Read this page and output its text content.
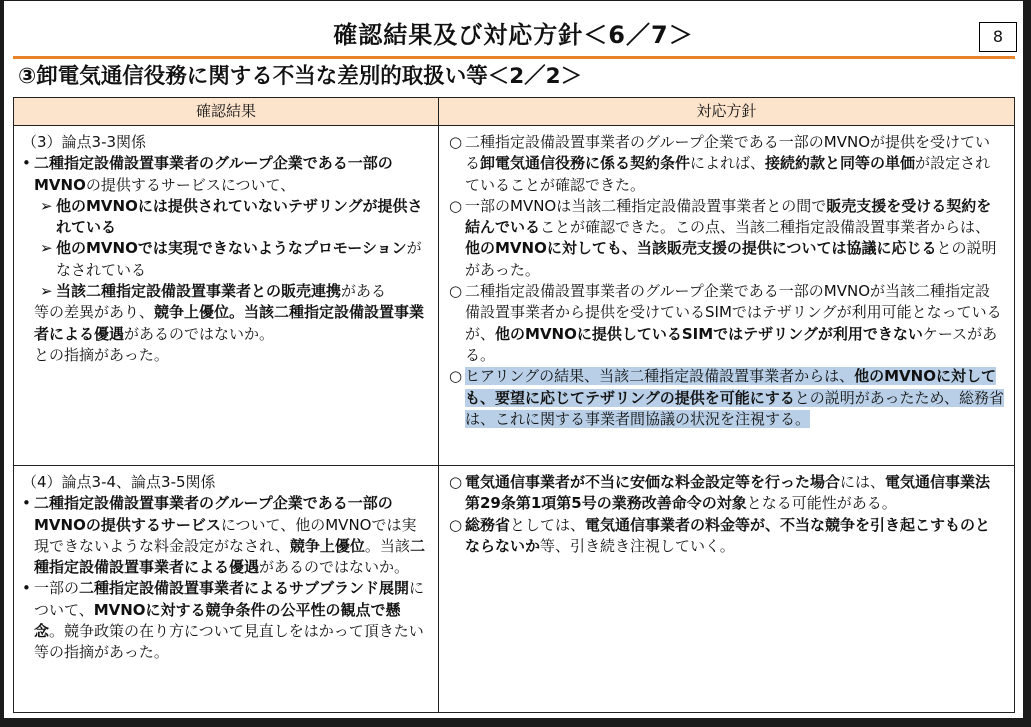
確認結果及び対応方針＜6／7＞	8
③卸電気通信役務に関する不当な差別的取扱い等＜2／2＞
確認結果	対応方針

（3）論点3-3関係

• 二種指定設備設置事業者のグループ企業である一部のMVNOの提供するサービスについて、

➢ 他のMVNOには提供されていないテザリングが提供されている

➢ 他のMVNOでは実現できないようなプロモーションがなされている

➢ 当該二種指定設備設置事業者との販売連携がある

等の差異があり、競争上優位。当該二種指定設備設置事業者による優遇があるのではないか。

との指摘があった。

○ 二種指定設備設置事業者のグループ企業である一部のMVNOが提供を受けている卸電気通信役務に係る契約条件によれば、接続約款と同等の単価が設定されていることが確認できた。

○ 一部のMVNOは当該二種指定設備設置事業者との間で販売支援を受ける契約を結んでいることが確認できた。この点、当該二種指定設備設置事業者からは、他のMVNOに対しても、当該販売支援の提供については協議に応じるとの説明があった。

○ 二種指定設備設置事業者のグループ企業である一部のMVNOが当該二種指定設備設置事業者から提供を受けているSIMではテザリングが利用可能となっているが、他のMVNOに提供しているSIMではテザリングが利用できないケースがある。

○ ヒアリングの結果、当該二種指定設備設置事業者からは、他のMVNOに対しても、要望に応じてテザリングの提供を可能にするとの説明があったため、総務省は、これに関する事業者間協議の状況を注視する。

（4）論点3-4、論点3-5関係

• 二種指定設備設置事業者のグループ企業である一部のMVNOの提供するサービスについて、他のMVNOでは実現できないような料金設定がなされ、競争上優位。当該二種指定設備設置事業者による優遇があるのではないか。

• 一部の二種指定設備設置事業者によるサブブランド展開について、MVNOに対する競争条件の公平性の観点で懸念。競争政策の在り方について見直しをはかって頂きたい

等の指摘があった。

○ 電気通信事業者が不当に安価な料金設定等を行った場合には、電気通信事業法第29条第1項第5号の業務改善命令の対象となる可能性がある。

○ 総務省としては、電気通信事業者の料金等が、不当な競争を引き起こすものとならないか等、引き続き注視していく。
